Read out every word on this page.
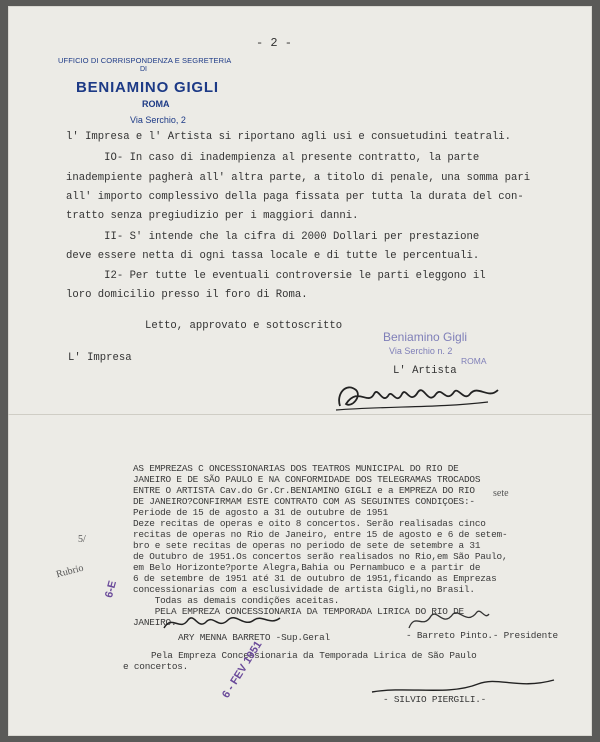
- 2 -
UFFICIO DI CORRISPONDENZA E SEGRETERIA
DI
BENIAMINO GIGLI
ROMA
Via Serchio, 2
l' Impresa e l' Artista si riportano agli usi e consuetudini teatrali.
IO- In caso di inadempienza al presente contratto, la parte
inadempiente pagherà all' altra parte, a titolo di penale, una somma pari
all' importo complessivo della paga fissata per tutta la durata del con-
tratto senza pregiudizio per i maggiori danni.
II- S' intende che la cifra di 2000 Dollari per prestazione
deve essere netta di ogni tassa locale e di tutte le percentuali.
I2- Per tutte le eventuali controversie le parti eleggono il
loro domicilio presso il foro di Roma.
Letto, approvato e sottoscritto
L' Impresa
L' Artista
Beniamino Gigli
Via Serchio n. 2
ROMA
AS EMPREZAS C ONCESSIONARIAS DOS TEATROS MUNICIPAL DO RIO DE
JANEIRO E DE SÃO PAULO E NA CONFORMIDADE DOS TELEGRAMAS TROCADOS
ENTRE O ARTISTA Cav.do Gr.Cr.BENIAMINO GIGLI e a EMPREZA DO RIO
DE JANEIRO?CONFIRMAM ESTE CONTRATO COM AS SEGUINTES CONDIÇOES:-
Periode de 15 de agosto a 31 de outubre de 1951
Deze recitas de operas e oito 8 concertos. Serão realisadas cinco
recitas de operas no Rio de Janeiro, entre 15 de agosto e 6 de setem-
bro e sete recitas de operas no periodo de sete de setembre a 31
de Outubro de 1951.Os concertos serão realisados no Rio,em São Paulo,
em Belo Horizonte?porte Alegra,Bahia ou Pernambuco e a partir de
6 de setembre de 1951 até 31 de outubro de 1951,ficando as Emprezas
concessionarias com a esclusividade de artista Gigli,no Brasil.
Todas as demais condições aceitas.
PELA EMPREZA CONCESSIONARIA DA TEMPORADA LIRICA DO RIO DE
JANEIRO.
ARY MENNA BARRETO -Sup.Geral	- Barreto Pinto.- Presidente
Pela Empreza Concessionaria da Temporada Lirica de São Paulo
e concertos.
- SILVIO PIERGILI.-
6 - FEV 1951
6-E
5/
Rubrio
sete
